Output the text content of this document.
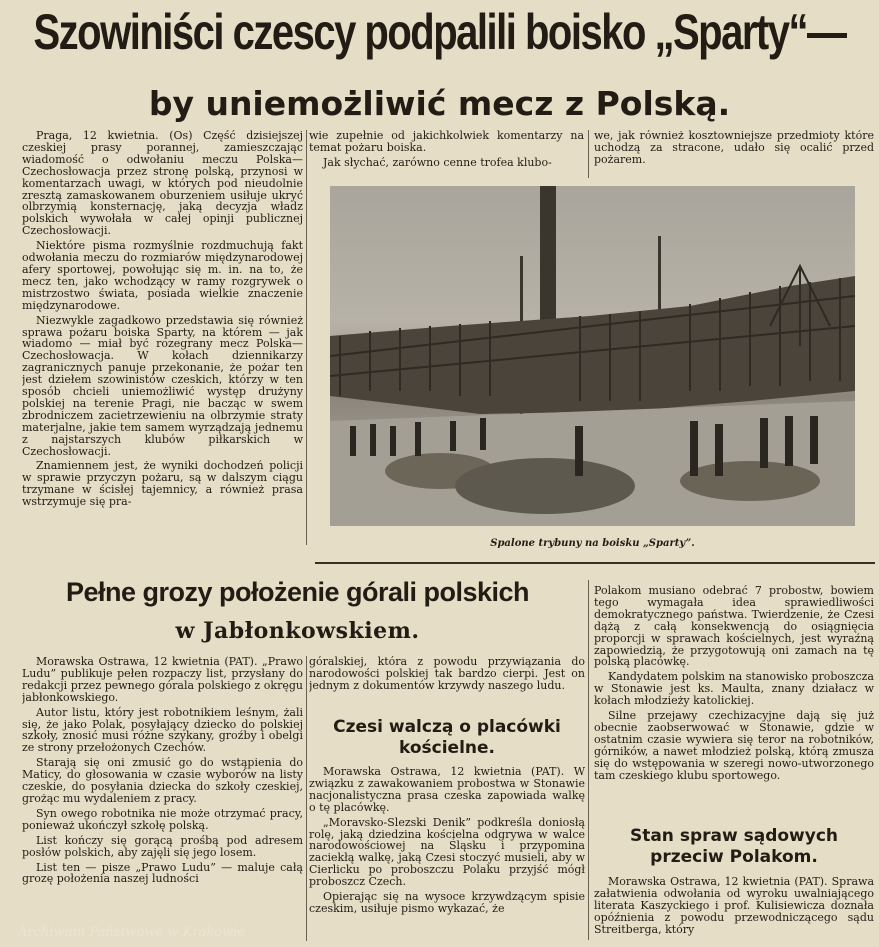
Szowiniści czescy podpalili boisko „Sparty“—
by uniemożliwić mecz z Polską.

Praga, 12 kwietnia. (Os) Część dzisiejszej czeskiej prasy porannej, zamieszczając wiadomość o odwołaniu meczu Polska—Czechosłowacja przez stronę polską, przynosi w komentarzach uwagi, w których pod nieudolnie zresztą zamaskowanem oburzeniem usiłuje ukryć olbrzymią konsternację, jaką decyzja władz polskich wywołała w całej opinji publicznej Czechosłowacji.

Niektóre pisma rozmyślnie rozdmuchują fakt odwołania meczu do rozmiarów międzynarodowej afery sportowej, powołując się m. in. na to, że mecz ten, jako wchodzący w ramy rozgrywek o mistrzostwo świata, posiada wielkie znaczenie międzynarodowe.

Niezwykle zagadkowo przedstawia się również sprawa pożaru boiska Sparty, na którem — jak wiadomo — miał być rozegrany mecz Polska—Czechosłowacja. W kołach dziennikarzy zagranicznych panuje przekonanie, że pożar ten jest dziełem szowinistów czeskich, którzy w ten sposób chcieli uniemożliwić występ drużyny polskiej na terenie Pragi, nie bacząc w swem zbrodniczem zacietrzewieniu na olbrzymie straty materjalne, jakie tem samem wyrządzają jednemu z najstarszych klubów piłkarskich w Czechosłowacji.

Znamiennem jest, że wyniki dochodzeń policji w sprawie przyczyn pożaru, są w dalszym ciągu trzymane w ścisłej tajemnicy, a również prasa wstrzymuje się pra-

wie zupełnie od jakichkolwiek komentarzy na temat pożaru boiska.

Jak słychać, zarówno cenne trofea klubo-

we, jak również kosztowniejsze przedmioty które uchodzą za stracone, udało się ocalić przed pożarem.

Spalone trybuny na boisku „Sparty”.
Pełne grozy położenie górali polskich
w Jabłonkowskiem.

Morawska Ostrawa, 12 kwietnia (PAT). „Prawo Ludu” publikuje pełen rozpaczy list, przysłany do redakcji przez pewnego górala polskiego z okręgu jabłonkowskiego.

Autor listu, który jest robotnikiem leśnym, żali się, że jako Polak, posyłający dziecko do polskiej szkoły, znosić musi różne szykany, groźby i obelgi ze strony przełożonych Czechów.

Starają się oni zmusić go do wstąpienia do Maticy, do głosowania w czasie wyborów na listy czeskie, do posyłania dziecka do szkoły czeskiej, grożąc mu wydaleniem z pracy.

Syn owego robotnika nie może otrzymać pracy, ponieważ ukończył szkołę polską.

List kończy się gorącą prośbą pod adresem posłów polskich, aby zajęli się jego losem.

List ten — pisze „Prawo Ludu” — maluje całą grozę położenia naszej ludności

góralskiej, która z powodu przywiązania do narodowości polskiej tak bardzo cierpi. Jest on jednym z dokumentów krzywdy naszego ludu.

Czesi walczą o placówki kościelne.

Morawska Ostrawa, 12 kwietnia (PAT). W związku z zawakowaniem probostwa w Stonawie nacjonalistyczna prasa czeska zapowiada walkę o tę placówkę.

„Moravsko-Slezski Denik” podkreśla doniosłą rolę, jaką dziedzina kościelna odgrywa w walce narodowościowej na Śląsku i przypomina zaciekłą walkę, jaką Czesi stoczyć musieli, aby w Cierlicku po proboszczu Polaku przyjść mógł proboszcz Czech.

Opierając się na wysoce krzywdzącym spisie czeskim, usiłuje pismo wykazać, że

Polakom musiano odebrać 7 probostw, bowiem tego wymagała idea sprawiedliwości demokratycznego państwa. Twierdzenie, że Czesi dążą z całą konsekwencją do osiągnięcia proporcji w sprawach kościelnych, jest wyraźną zapowiedzią, że przygotowują oni zamach na tę polską placówkę.

Kandydatem polskim na stanowisko proboszcza w Stonawie jest ks. Maulta, znany działacz w kołach młodzieży katolickiej.

Silne przejawy czechizacyjne dają się już obecnie zaobserwować w Stonawie, gdzie w ostatnim czasie wywiera się teror na robotników, górników, a nawet młodzież polską, którą zmusza się do wstępowania w szeregi nowo-utworzonego tam czeskiego klubu sportowego.

Stan spraw sądowych przeciw Polakom.

Morawska Ostrawa, 12 kwietnia (PAT). Sprawa załatwienia odwołania od wyroku uwalniającego literata Kaszyckiego i prof. Kulisiewicza doznała opóźnienia z powodu przewodniczącego sądu Streitberga, który

Archiwum Państwowe w Krakowie
